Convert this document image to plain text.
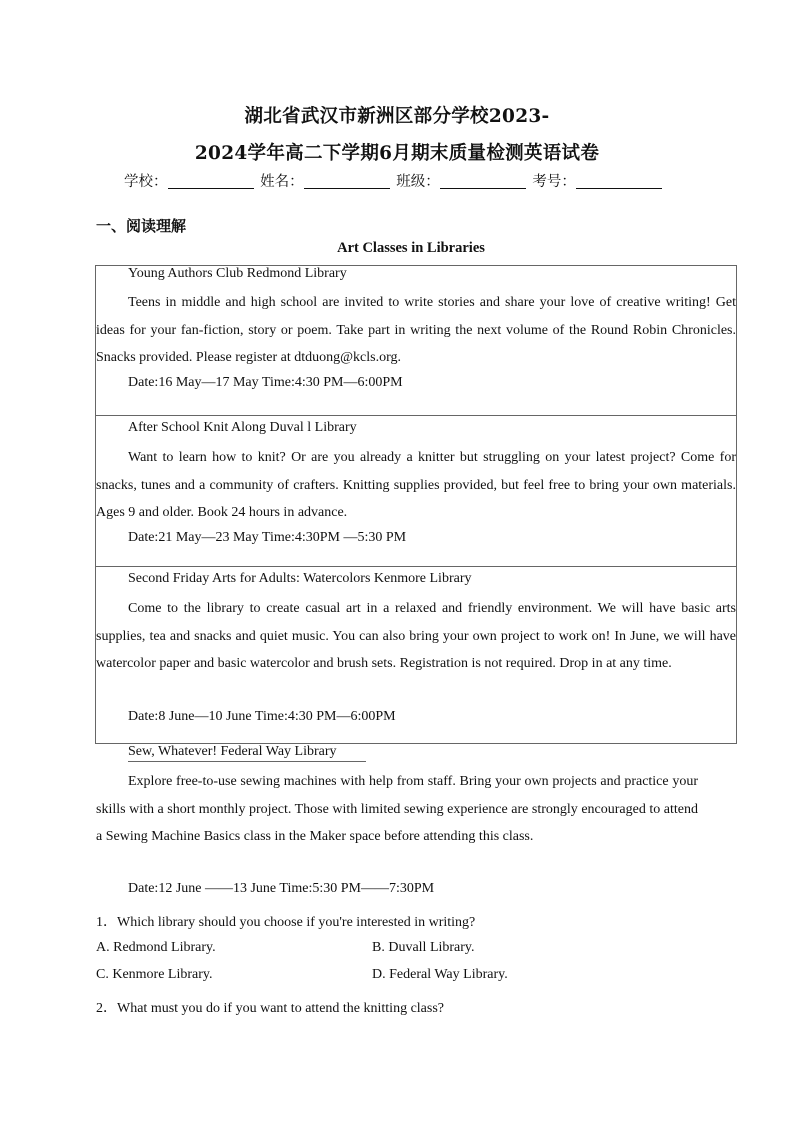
湖北省武汉市新洲区部分学校2023-
2024学年高二下学期6月期末质量检测英语试卷
学校：	姓名：	班级：	考号：
一、阅读理解
Art Classes in Libraries
Young Authors Club Redmond Library
Teens in middle and high school are invited to write stories and share your love of creative writing! Get ideas for your fan-fiction, story or poem. Take part in writing the next volume of the Round Robin Chronicles. Snacks provided. Please register at dtduong@kcls.org.
Date:16 May—17 May Time:4:30 PM—6:00PM
After School Knit Along Duval l Library
Want to learn how to knit? Or are you already a knitter but struggling on your latest project? Come for snacks, tunes and a community of crafters. Knitting supplies provided, but feel free to bring your own materials. Ages 9 and older. Book 24 hours in advance.
Date:21 May—23 May Time:4:30PM —5:30 PM
Second Friday Arts for Adults: Watercolors Kenmore Library
Come to the library to create casual art in a relaxed and friendly environment. We will have basic arts supplies, tea and snacks and quiet music. You can also bring your own project to work on! In June, we will have watercolor paper and basic watercolor and brush sets. Registration is not required. Drop in at any time.
Date:8 June—10 June Time:4:30 PM—6:00PM
Sew, Whatever! Federal Way Library
Explore free-to-use sewing machines with help from staff. Bring your own projects and practice your skills with a short monthly project. Those with limited sewing experience are strongly encouraged to attend a Sewing Machine Basics class in the Maker space before attending this class.
Date:12 June ——13 June Time:5:30 PM——7:30PM
1．Which library should you choose if you're interested in writing?
A. Redmond Library.	B. Duvall Library.
C. Kenmore Library.	D. Federal Way Library.
2．What must you do if you want to attend the knitting class?
